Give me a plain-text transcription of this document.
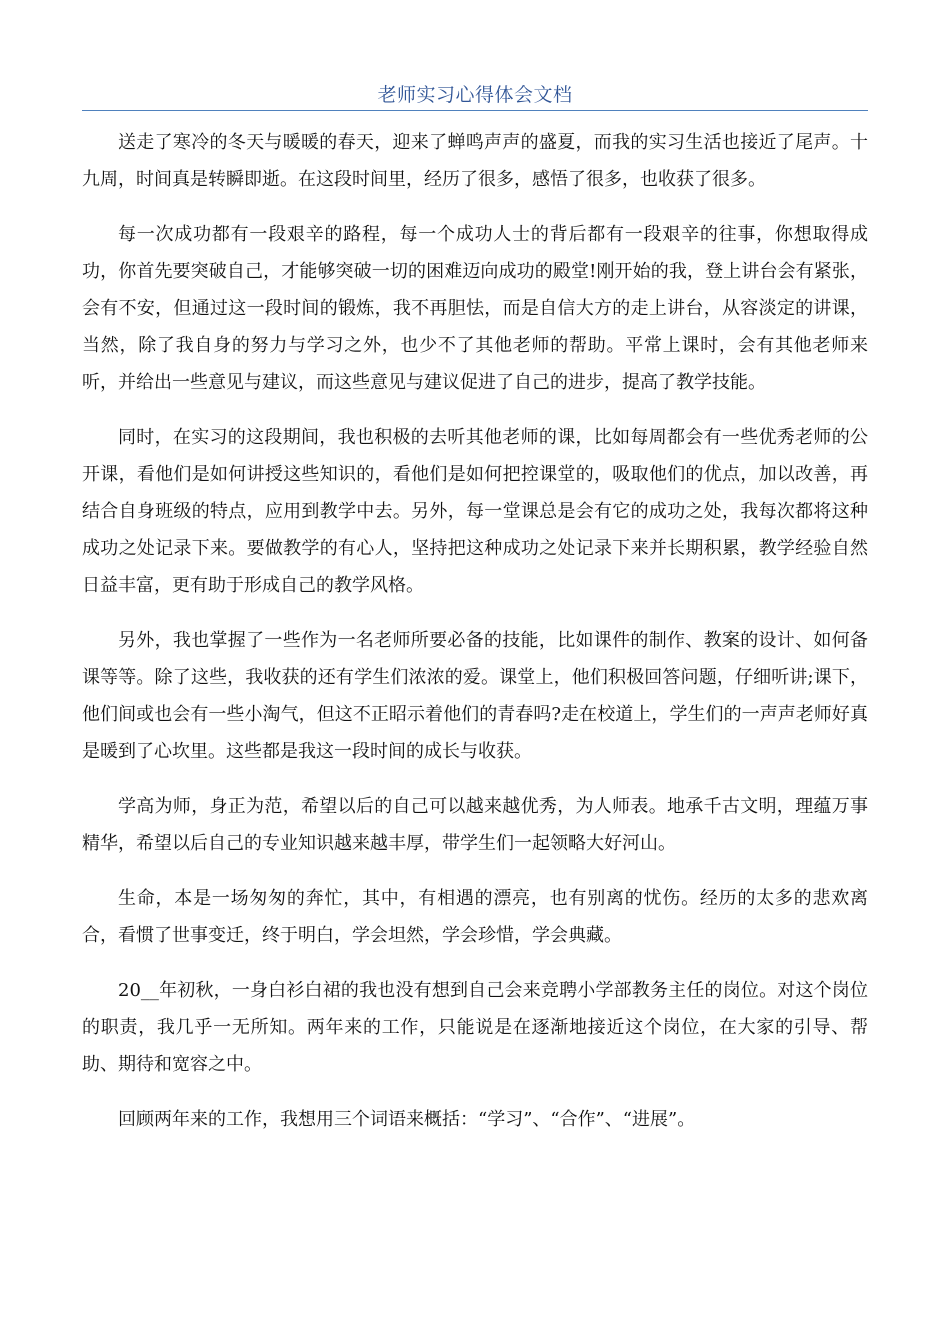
老师实习心得体会文档

送走了寒冷的冬天与暖暖的春天，迎来了蝉鸣声声的盛夏，而我的实习生活也接近了尾声。十九周，时间真是转瞬即逝。在这段时间里，经历了很多，感悟了很多，也收获了很多。

每一次成功都有一段艰辛的路程，每一个成功人士的背后都有一段艰辛的往事，你想取得成功，你首先要突破自己，才能够突破一切的困难迈向成功的殿堂!刚开始的我，登上讲台会有紧张，会有不安，但通过这一段时间的锻炼，我不再胆怯，而是自信大方的走上讲台，从容淡定的讲课，当然，除了我自身的努力与学习之外，也少不了其他老师的帮助。平常上课时，会有其他老师来听，并给出一些意见与建议，而这些意见与建议促进了自己的进步，提高了教学技能。

同时，在实习的这段期间，我也积极的去听其他老师的课，比如每周都会有一些优秀老师的公开课，看他们是如何讲授这些知识的，看他们是如何把控课堂的，吸取他们的优点，加以改善，再结合自身班级的特点，应用到教学中去。另外，每一堂课总是会有它的成功之处，我每次都将这种成功之处记录下来。要做教学的有心人，坚持把这种成功之处记录下来并长期积累，教学经验自然日益丰富，更有助于形成自己的教学风格。

另外，我也掌握了一些作为一名老师所要必备的技能，比如课件的制作、教案的设计、如何备课等等。除了这些，我收获的还有学生们浓浓的爱。课堂上，他们积极回答问题，仔细听讲;课下，他们间或也会有一些小淘气，但这不正昭示着他们的青春吗?走在校道上，学生们的一声声老师好真是暖到了心坎里。这些都是我这一段时间的成长与收获。

学高为师，身正为范，希望以后的自己可以越来越优秀，为人师表。地承千古文明，理蕴万事精华，希望以后自己的专业知识越来越丰厚，带学生们一起领略大好河山。

生命，本是一场匆匆的奔忙，其中，有相遇的漂亮，也有别离的忧伤。经历的太多的悲欢离合，看惯了世事变迁，终于明白，学会坦然，学会珍惜，学会典藏。

20__年初秋，一身白衫白裙的我也没有想到自己会来竞聘小学部教务主任的岗位。对这个岗位的职责，我几乎一无所知。两年来的工作，只能说是在逐渐地接近这个岗位，在大家的引导、帮助、期待和宽容之中。

回顾两年来的工作，我想用三个词语来概括：“学习”、“合作”、“进展”。
